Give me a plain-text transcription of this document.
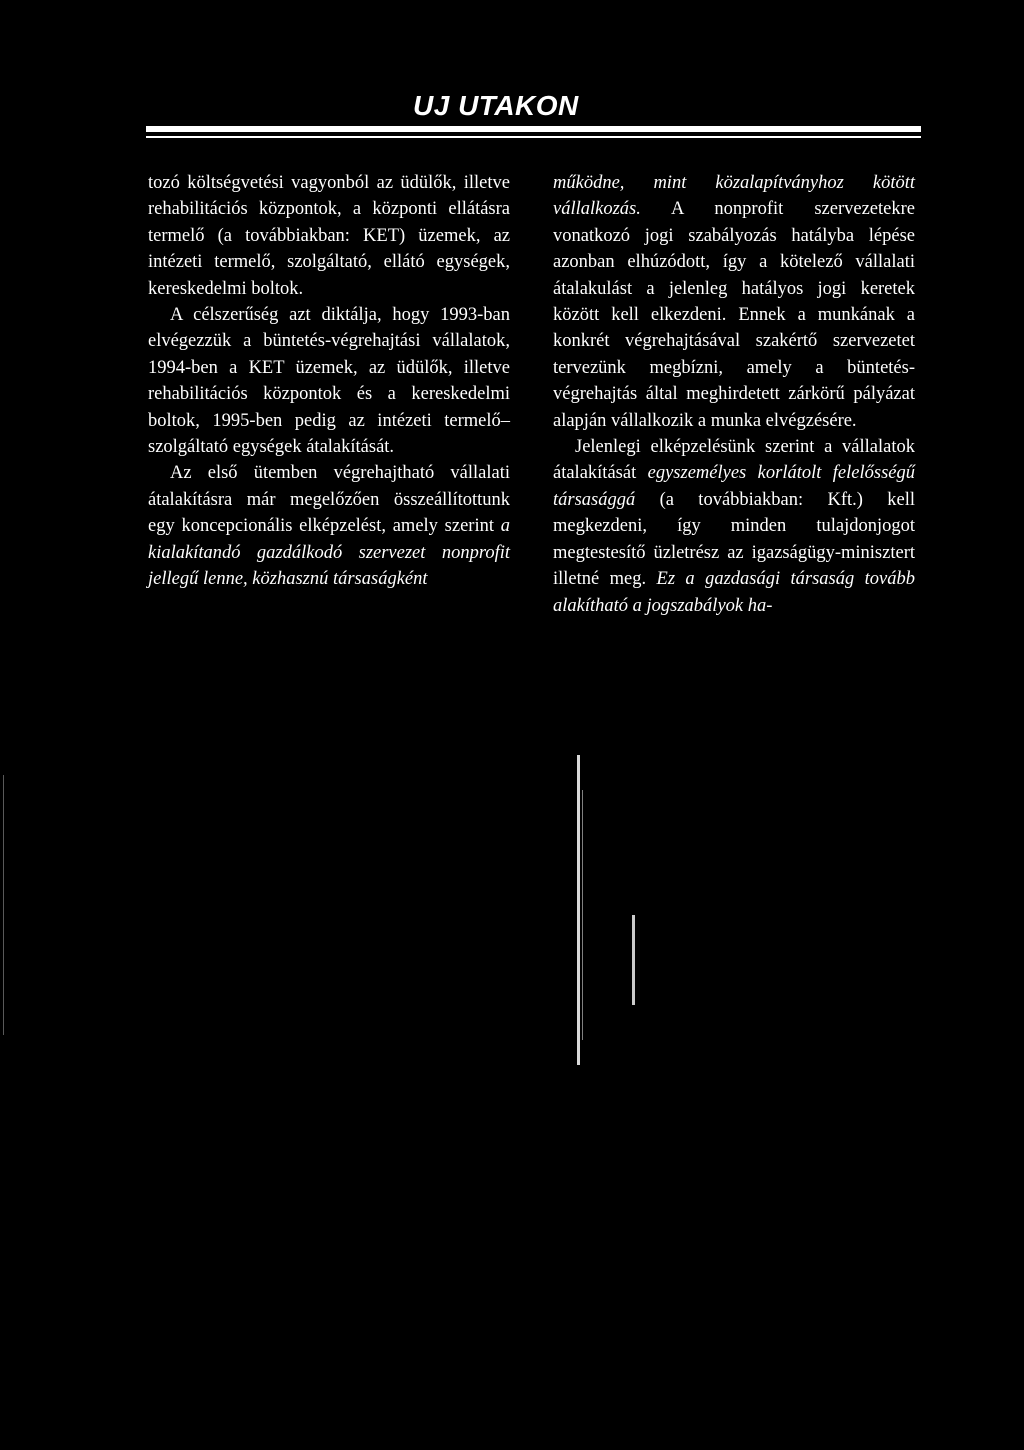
UJ UTAKON

tozó költségvetési vagyonból az üdülők, illetve rehabilitációs központok, a központi ellátásra termelő (a továbbiakban: KET) üzemek, az intézeti termelő, szolgáltató, ellátó egységek, kereskedelmi boltok.

A célszerűség azt diktálja, hogy 1993-ban elvégezzük a büntetés-végrehajtási vállalatok, 1994-ben a KET üzemek, az üdülők, illetve rehabilitációs központok és a kereskedelmi boltok, 1995-ben pedig az intézeti termelő–szolgáltató egységek átalakítását.

Az első ütemben végrehajtható vállalati átalakításra már megelőzően összeállítottunk egy koncepcionális elképzelést, amely szerint a kialakítandó gazdálkodó szervezet nonprofit jellegű lenne, közhasznú társaságként

működne, mint közalapítványhoz kötött vállalkozás. A nonprofit szervezetekre vonatkozó jogi szabályozás hatályba lépése azonban elhúzódott, így a kötelező vállalati átalakulást a jelenleg hatályos jogi keretek között kell elkezdeni. Ennek a munkának a konkrét végrehajtásával szakértő szervezetet tervezünk megbízni, amely a büntetés-végrehajtás által meghirdetett zárkörű pályázat alapján vállalkozik a munka elvégzésére.

Jelenlegi elképzelésünk szerint a vállalatok átalakítását egyszemélyes korlátolt felelősségű társasággá (a továbbiakban: Kft.) kell megkezdeni, így minden tulajdonjogot megtestesítő üzletrész az igazságügy-minisztert illetné meg. Ez a gazdasági társaság tovább alakítható a jogszabályok ha-
